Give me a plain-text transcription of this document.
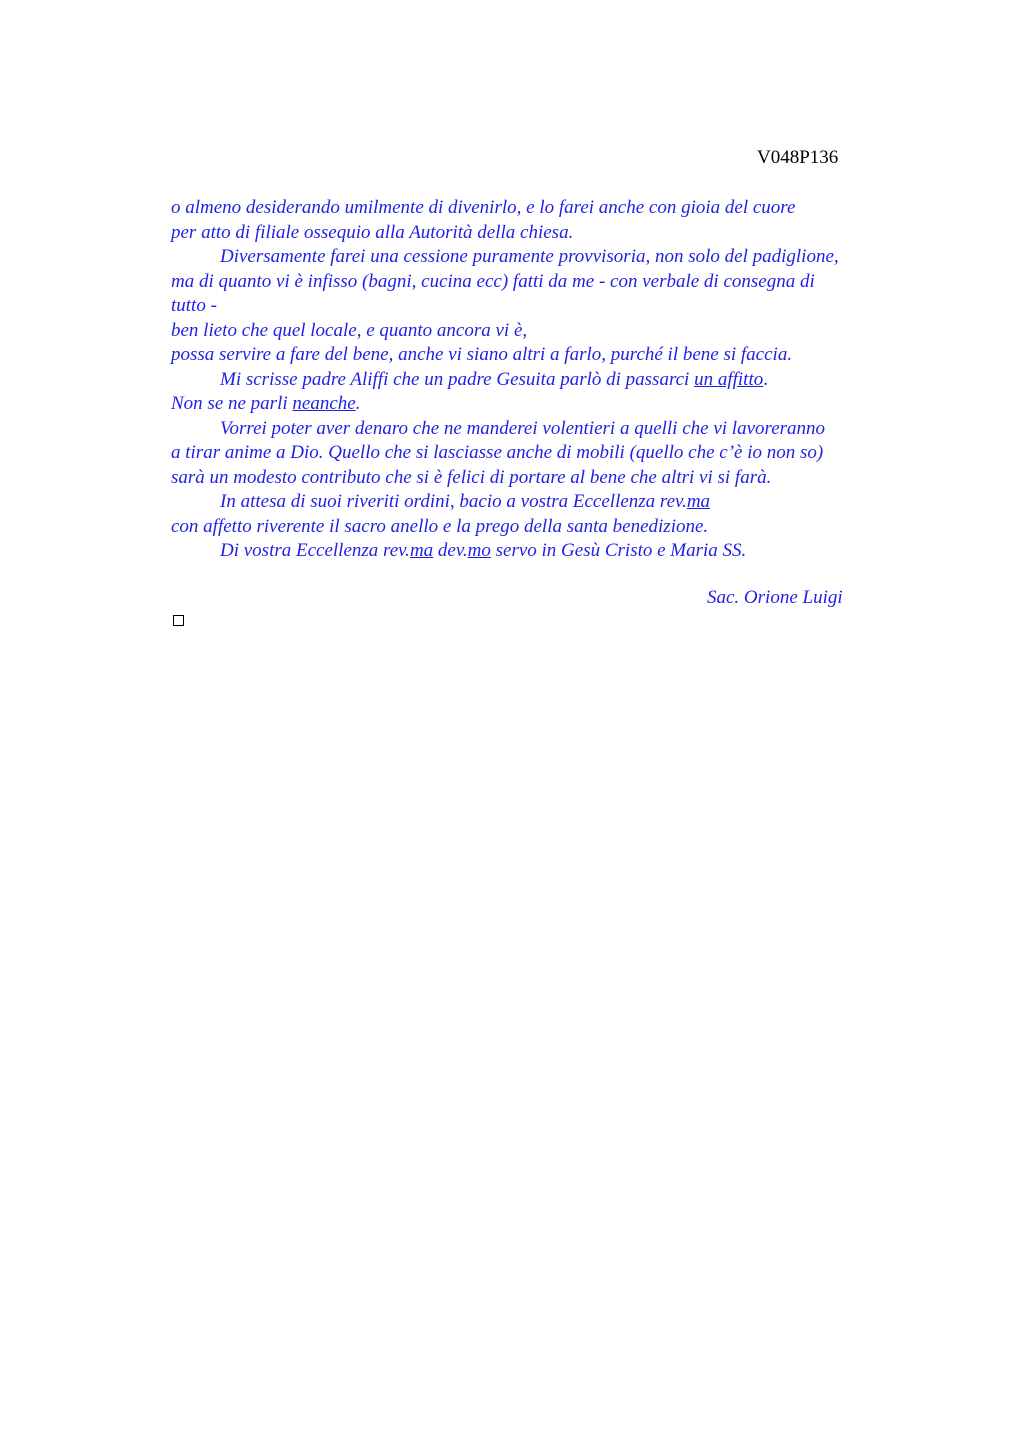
V048P136
o almeno desiderando umilmente di divenirlo, e lo farei anche con gioia del cuore
per atto di filiale ossequio alla Autorità della chiesa.
Diversamente farei una cessione puramente provvisoria, non solo del padiglione,
ma di quanto vi è infisso (bagni, cucina ecc) fatti da me - con verbale di consegna di
tutto -
ben lieto che quel locale, e quanto ancora vi è,
possa servire a fare del bene, anche vi siano altri a farlo, purché il bene si faccia.
Mi scrisse padre Aliffi che un padre Gesuita parlò di passarci un affitto.
Non se ne parli neanche.
Vorrei poter aver denaro che ne manderei volentieri a quelli che vi lavoreranno
a tirar anime a Dio. Quello che si lasciasse anche di mobili (quello che c’è io non so)
sarà un modesto contributo che si è felici di portare al bene che altri vi si farà.
In attesa di suoi riveriti ordini, bacio a vostra Eccellenza rev.ma
con affetto riverente il sacro anello e la prego della santa benedizione.
Di vostra Eccellenza rev.ma dev.mo servo in Gesù Cristo e Maria SS.
Sac. Orione Luigi
